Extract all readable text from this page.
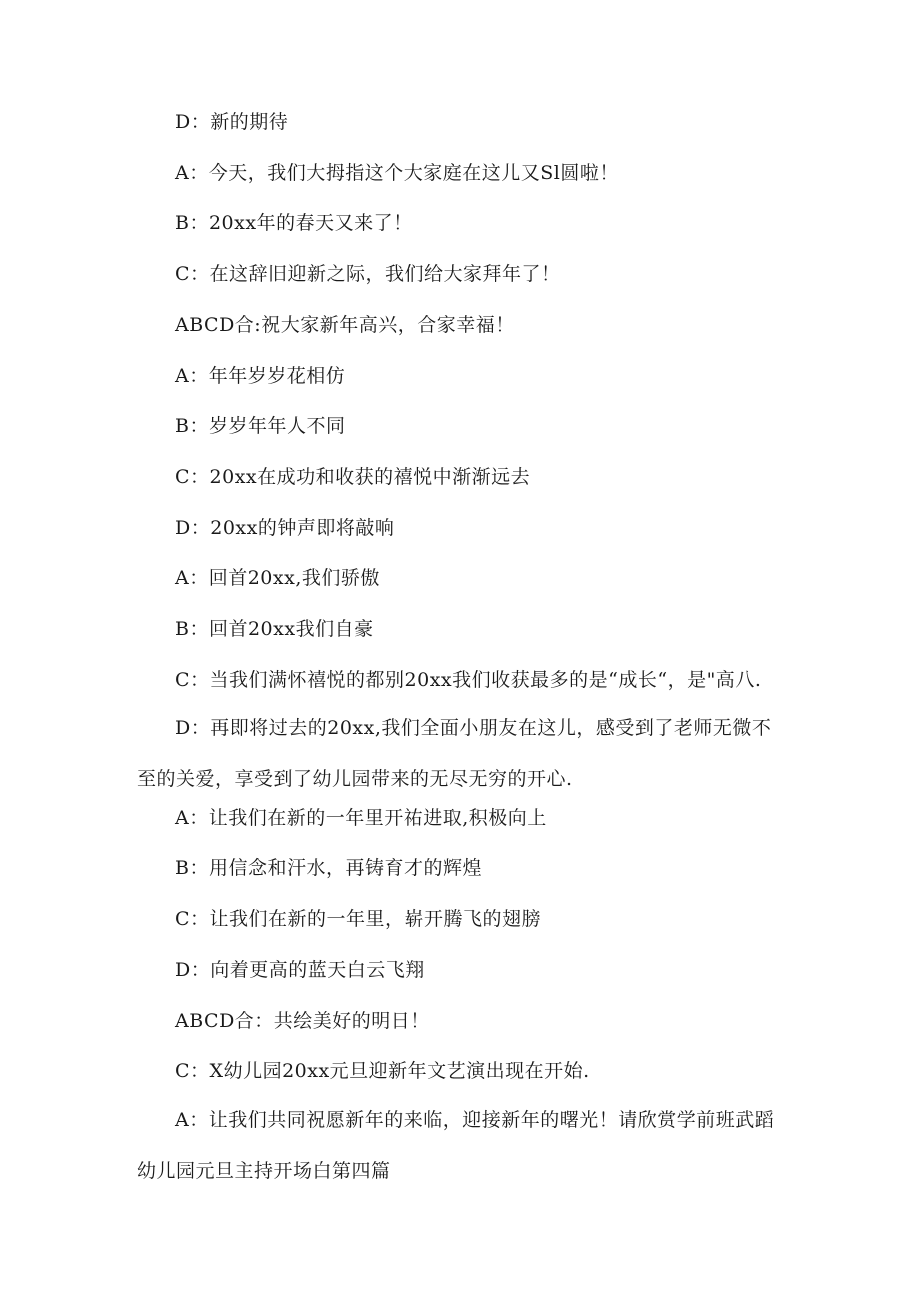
D：新的期待
A：今天，我们大拇指这个大家庭在这儿又Sl圆啦！
B：20xx年的春天又来了！
C：在这辞旧迎新之际，我们给大家拜年了！
ABCD合:祝大家新年高兴，合家幸福！
A：年年岁岁花相仿
B：岁岁年年人不同
C：20xx在成功和收获的禧悦中渐渐远去
D：20xx的钟声即将敲响
A：回首20xx,我们骄傲
B：回首20xx我们自豪
C：当我们满怀禧悦的都别20xx我们收获最多的是“成长“，是"高八.
D：再即将过去的20xx,我们全面小朋友在这儿，感受到了老师无微不至的关爱，享受到了幼儿园带来的无尽无穷的开心.
A：让我们在新的一年里开祐进取,积极向上
B：用信念和汗水，再铸育才的辉煌
C：让我们在新的一年里，崭开腾飞的翅膀
D：向着更高的蓝天白云飞翔
ABCD合：共绘美好的明日！
C：X幼儿园20xx元旦迎新年文艺演出现在开始.
A：让我们共同祝愿新年的来临，迎接新年的曙光！请欣赏学前班武蹈幼儿园元旦主持开场白第四篇
